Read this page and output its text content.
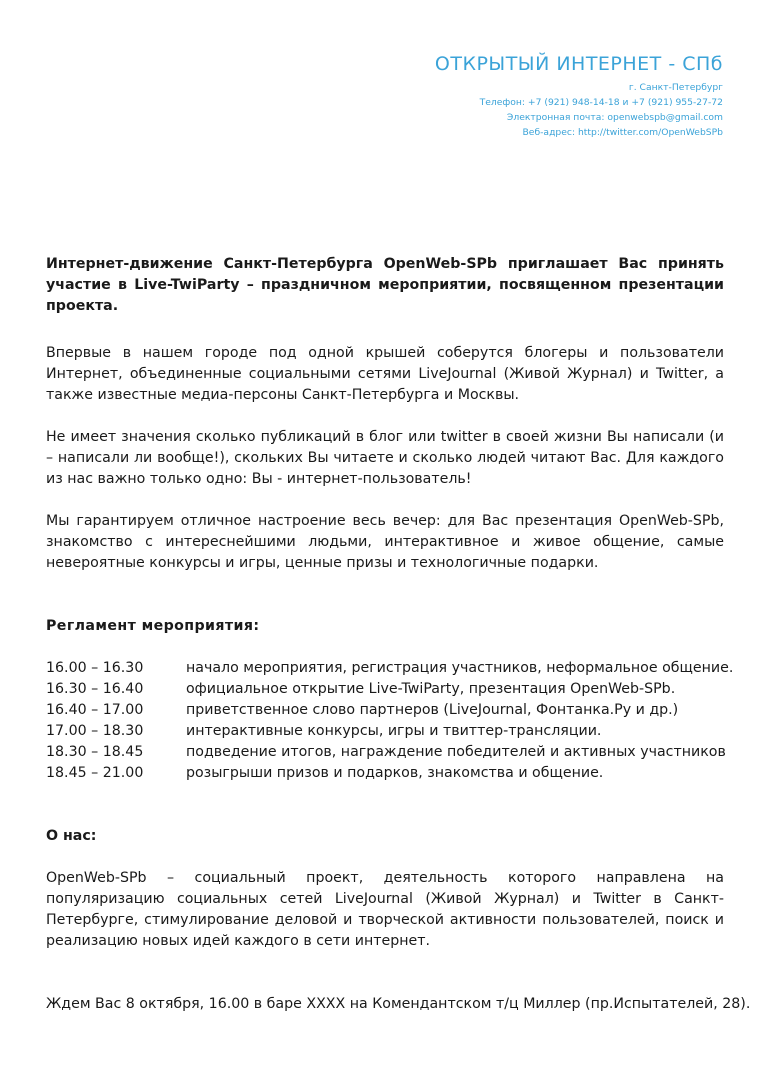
ОТКРЫТЫЙ ИНТЕРНЕТ - СПб
г. Санкт-Петербург
Телефон: +7 (921) 948-14-18 и +7 (921) 955-27-72
Электронная почта: openwebspb@gmail.com
Веб-адрес: http://twitter.com/OpenWebSPb

Интернет-движение Санкт-Петербурга OpenWeb-SPb приглашает Вас принять участие в Live-TwiParty – праздничном мероприятии, посвященном презентации проекта.

Впервые в нашем городе под одной крышей соберутся блогеры и пользователи Интернет, объединенные социальными сетями LiveJournal (Живой Журнал) и Twitter, а также известные медиа-персоны Санкт-Петербурга и Москвы.

Не имеет значения сколько публикаций в блог или twitter в своей жизни Вы написали (и – написали ли вообще!), скольких Вы читаете и сколько людей читают Вас. Для каждого из нас важно только одно: Вы - интернет-пользователь!

Мы гарантируем отличное настроение весь вечер: для Вас презентация OpenWeb-SPb, знакомство с интереснейшими людьми, интерактивное и живое общение, самые невероятные конкурсы и игры, ценные призы и технологичные подарки.

Регламент мероприятия:
16.00 – 16.30	начало мероприятия, регистрация участников, неформальное общение.
16.30 – 16.40	официальное открытие Live-TwiParty, презентация OpenWeb-SPb.
16.40 – 17.00	приветственное слово партнеров (LiveJournal, Фонтанка.Ру и др.)
17.00 – 18.30	интерактивные конкурсы, игры и твиттер-трансляции.
18.30 – 18.45	подведение итогов, награждение победителей и активных участников
18.45 – 21.00	розыгрыши призов и подарков, знакомства и общение.
О нас:

OpenWeb-SPb – социальный проект, деятельность которого направлена на популяризацию социальных сетей LiveJournal (Живой Журнал) и Twitter в Санкт-Петербурге, стимулирование деловой и творческой активности пользователей, поиск и реализацию новых идей каждого в сети интернет.

Ждем Вас 8 октября, 16.00 в баре ХХХХ на Комендантском т/ц Миллер (пр.Испытателей, 28).
